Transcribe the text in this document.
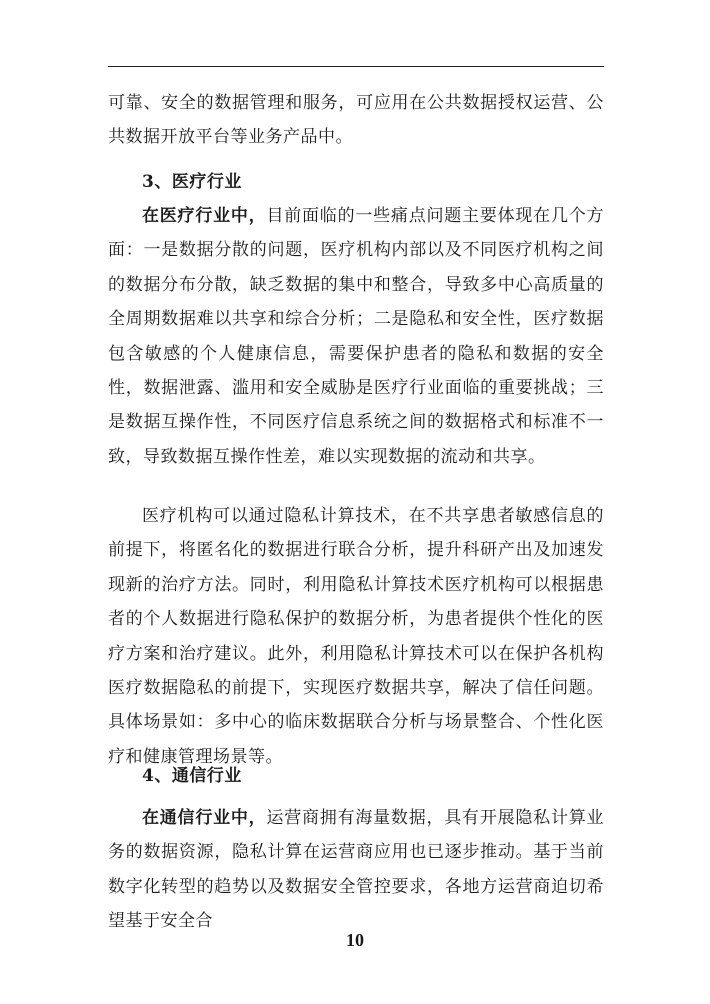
可靠、安全的数据管理和服务，可应用在公共数据授权运营、公共数据开放平台等业务产品中。

3、医疗行业

在医疗行业中，目前面临的一些痛点问题主要体现在几个方面：一是数据分散的问题，医疗机构内部以及不同医疗机构之间的数据分布分散，缺乏数据的集中和整合，导致多中心高质量的全周期数据难以共享和综合分析；二是隐私和安全性，医疗数据包含敏感的个人健康信息，需要保护患者的隐私和数据的安全性，数据泄露、滥用和安全威胁是医疗行业面临的重要挑战；三是数据互操作性，不同医疗信息系统之间的数据格式和标准不一致，导致数据互操作性差，难以实现数据的流动和共享。

医疗机构可以通过隐私计算技术，在不共享患者敏感信息的前提下，将匿名化的数据进行联合分析，提升科研产出及加速发现新的治疗方法。同时，利用隐私计算技术医疗机构可以根据患者的个人数据进行隐私保护的数据分析，为患者提供个性化的医疗方案和治疗建议。此外，利用隐私计算技术可以在保护各机构医疗数据隐私的前提下，实现医疗数据共享，解决了信任问题。具体场景如：多中心的临床数据联合分析与场景整合、个性化医疗和健康管理场景等。

4、通信行业

在通信行业中，运营商拥有海量数据，具有开展隐私计算业务的数据资源，隐私计算在运营商应用也已逐步推动。基于当前数字化转型的趋势以及数据安全管控要求，各地方运营商迫切希望基于安全合

10
